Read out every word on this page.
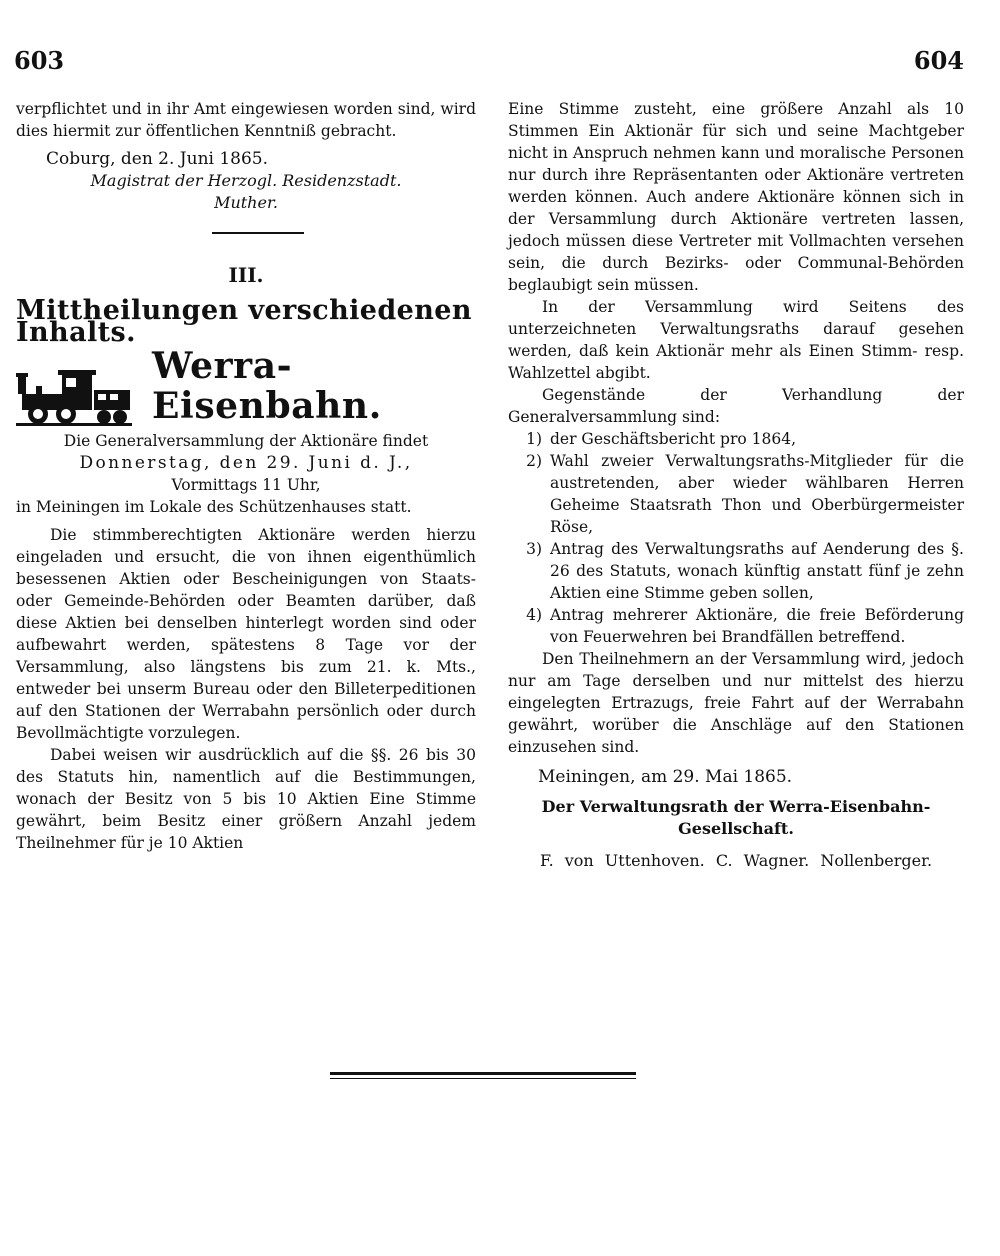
603	604

verpflichtet und in ihr Amt eingewiesen worden sind, wird dies hiermit zur öffentlichen Kenntniß gebracht.

Coburg, den 2. Juni 1865.

Magistrat der Herzogl. Residenzstadt.

Muther.

III.
Mittheilungen verschiedenen Inhalts.
Werra-Eisenbahn.

Die Generalversammlung der Aktionäre findet

Donnerstag, den 29. Juni d. J.,

Vormittags 11 Uhr,

in Meiningen im Lokale des Schützenhauses statt.

Die stimmberechtigten Aktionäre werden hierzu eingeladen und ersucht, die von ihnen eigenthümlich besessenen Aktien oder Bescheinigungen von Staats- oder Gemeinde-Behörden oder Beamten darüber, daß diese Aktien bei denselben hinterlegt worden sind oder aufbewahrt werden, spätestens 8 Tage vor der Versammlung, also längstens bis zum 21. k. Mts., entweder bei unserm Bureau oder den Billeterpeditionen auf den Stationen der Werrabahn persönlich oder durch Bevollmächtigte vorzulegen.

Dabei weisen wir ausdrücklich auf die §§. 26 bis 30 des Statuts hin, namentlich auf die Bestimmungen, wonach der Besitz von 5 bis 10 Aktien Eine Stimme gewährt, beim Besitz einer größern Anzahl jedem Theilnehmer für je 10 Aktien

Eine Stimme zusteht, eine größere Anzahl als 10 Stimmen Ein Aktionär für sich und seine Machtgeber nicht in Anspruch nehmen kann und moralische Personen nur durch ihre Repräsentanten oder Aktionäre vertreten werden können. Auch andere Aktionäre können sich in der Versammlung durch Aktionäre vertreten lassen, jedoch müssen diese Vertreter mit Vollmachten versehen sein, die durch Bezirks- oder Communal-Behörden beglaubigt sein müssen.

In der Versammlung wird Seitens des unterzeichneten Verwaltungsraths darauf gesehen werden, daß kein Aktionär mehr als Einen Stimm- resp. Wahlzettel abgibt.

Gegenstände der Verhandlung der Generalversammlung sind:

1) der Geschäftsbericht pro 1864,
2) Wahl zweier Verwaltungsraths-Mitglieder für die austretenden, aber wieder wählbaren Herren Geheime Staatsrath Thon und Oberbürgermeister Röse,
3) Antrag des Verwaltungsraths auf Aenderung des §. 26 des Statuts, wonach künftig anstatt fünf je zehn Aktien eine Stimme geben sollen,
4) Antrag mehrerer Aktionäre, die freie Beförderung von Feuerwehren bei Brandfällen betreffend.

Den Theilnehmern an der Versammlung wird, jedoch nur am Tage derselben und nur mittelst des hierzu eingelegten Ertrazugs, freie Fahrt auf der Werrabahn gewährt, worüber die Anschläge auf den Stationen einzusehen sind.

Meiningen, am 29. Mai 1865.

Der Verwaltungsrath der Werra-Eisenbahn-Gesellschaft.

F. von Uttenhoven. C. Wagner. Nollenberger.
